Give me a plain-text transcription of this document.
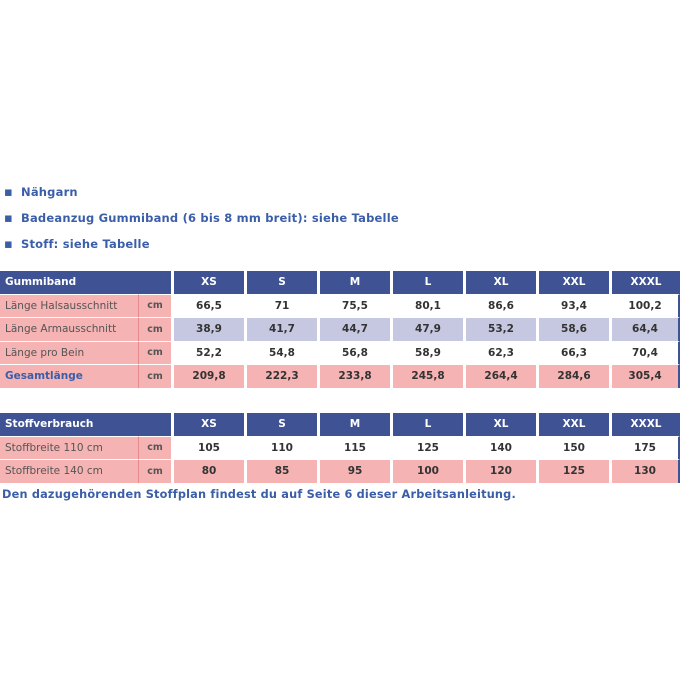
▪ Nähgarn
▪ Badeanzug Gummiband (6 bis 8 mm breit): siehe Tabelle
▪ Stoff: siehe Tabelle
Gummiband		XS	S	M	L	XL	XXL	XXXL
Länge Halsausschnitt	cm	66,5	71	75,5	80,1	86,6	93,4	100,2
Länge Armausschnitt	cm	38,9	41,7	44,7	47,9	53,2	58,6	64,4
Länge pro Bein	cm	52,2	54,8	56,8	58,9	62,3	66,3	70,4
Gesamtlänge	cm	209,8	222,3	233,8	245,8	264,4	284,6	305,4
Stoffverbrauch		XS	S	M	L	XL	XXL	XXXL
Stoffbreite 110 cm	cm	105	110	115	125	140	150	175
Stoffbreite 140 cm	cm	80	85	95	100	120	125	130
Den dazugehörenden Stoffplan findest du auf Seite 6 dieser Arbeitsanleitung.
